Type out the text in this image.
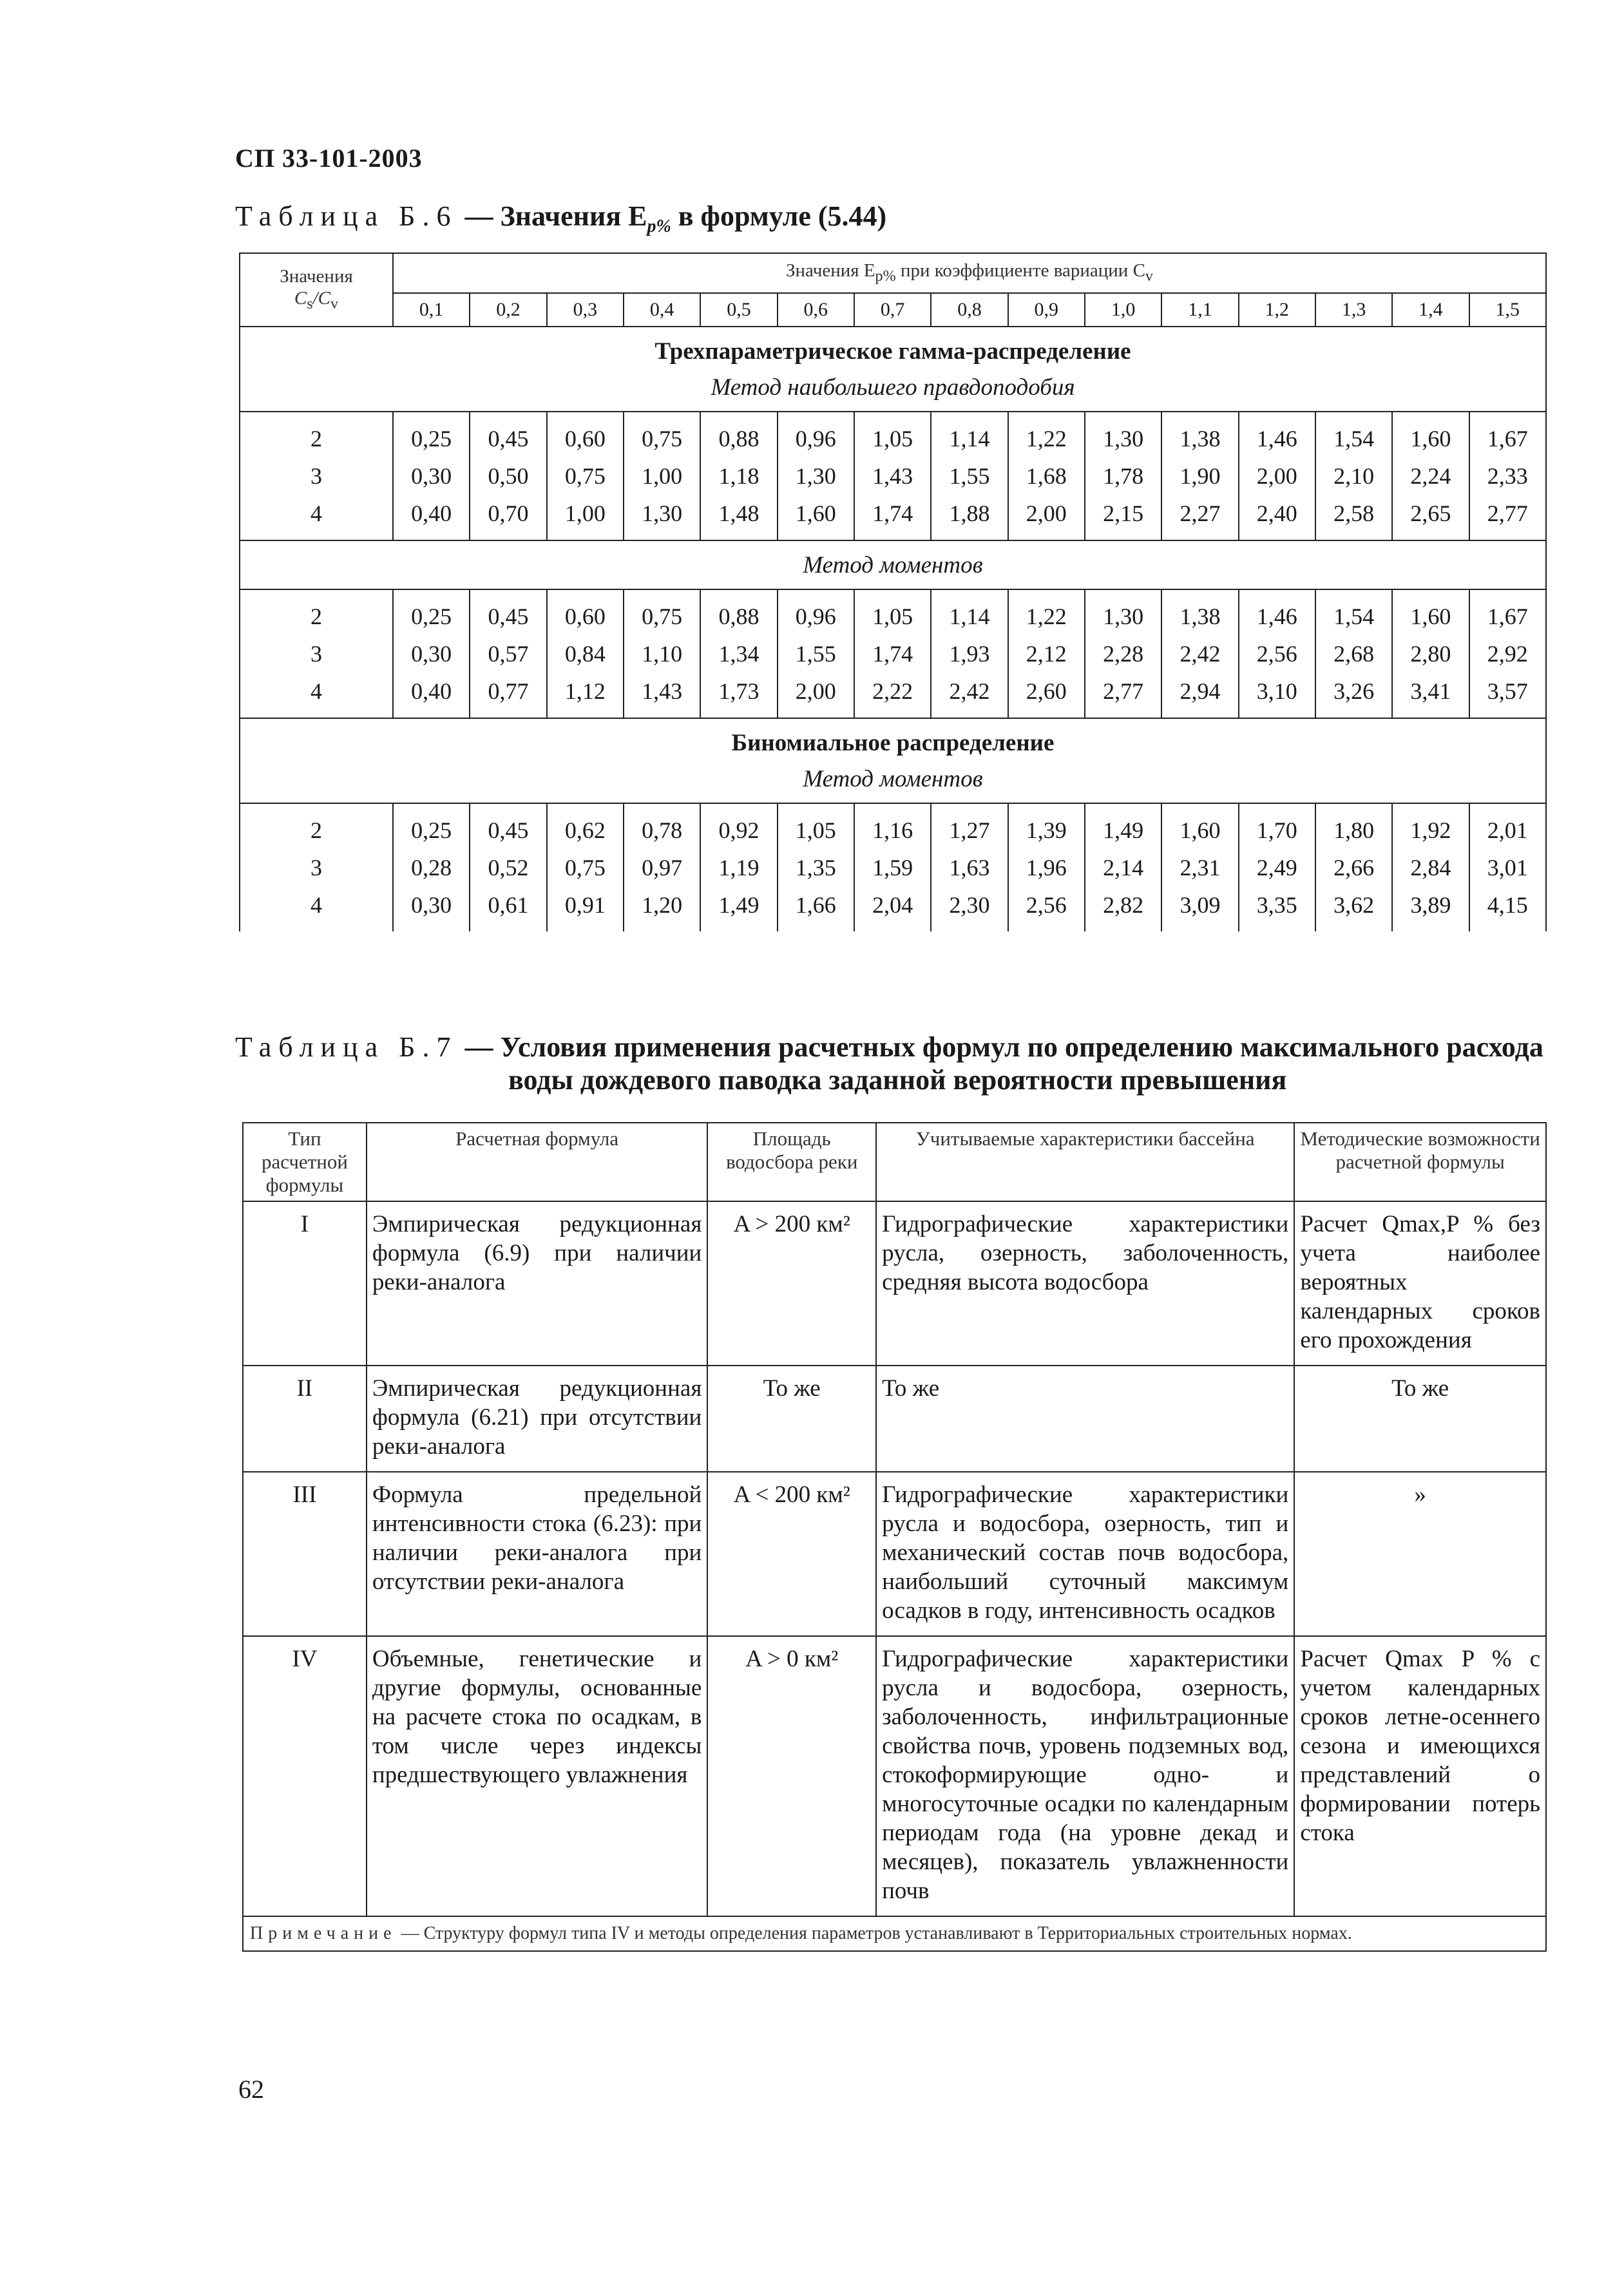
СП 33-101-2003
Таблица Б.6 — Значения $E_{p\%}$ в формуле (5.44)
Значения
$C_s/C_v$	Значения $E_{p\%}$ при коэффициенте вариации $C_v$
	0,1	0,2	0,3	0,4	0,5	0,6	0,7	0,8	0,9	1,0	1,1	1,2	1,3	1,4	1,5

Трехпараметрическое гамма-распределение
Метод наибольшего правдоподобия															

2	0,25	0,45	0,60	0,75	0,88	0,96	1,05	1,14	1,22	1,30	1,38	1,46	1,54	1,60	1,67
3	0,30	0,50	0,75	1,00	1,18	1,30	1,43	1,55	1,68	1,78	1,90	2,00	2,10	2,24	2,33
4	0,40	0,70	1,00	1,30	1,48	1,60	1,74	1,88	2,00	2,15	2,27	2,40	2,58	2,65	2,77

Метод моментов															

2	0,25	0,45	0,60	0,75	0,88	0,96	1,05	1,14	1,22	1,30	1,38	1,46	1,54	1,60	1,67
3	0,30	0,57	0,84	1,10	1,34	1,55	1,74	1,93	2,12	2,28	2,42	2,56	2,68	2,80	2,92
4	0,40	0,77	1,12	1,43	1,73	2,00	2,22	2,42	2,60	2,77	2,94	3,10	3,26	3,41	3,57

Биномиальное распределение
Метод моментов															

2	0,25	0,45	0,62	0,78	0,92	1,05	1,16	1,27	1,39	1,49	1,60	1,70	1,80	1,92	2,01
3	0,28	0,52	0,75	0,97	1,19	1,35	1,59	1,63	1,96	2,14	2,31	2,49	2,66	2,84	3,01
4	0,30	0,61	0,91	1,20	1,49	1,66	2,04	2,30	2,56	2,82	3,09	3,35	3,62	3,89	4,15
Таблица Б.7 — Условия применения расчетных формул по определению максимального расхода
воды дождевого паводка заданной вероятности превышения
Тип расчетной формулы	Расчетная формула	Площадь водосбора реки	Учитываемые характеристики бассейна	Методические возможности расчетной формулы
I	Эмпирическая редукционная формула (6.9) при наличии реки-аналога	A > 200 км²	Гидрографические характеристики русла, озерность, заболоченность, средняя высота водосбора	Расчет Qmax,P % без учета наиболее вероятных календарных сроков его прохождения
II	Эмпирическая редукционная формула (6.21) при отсутствии реки-аналога	То же	То же	То же
III	Формула предельной интенсивности стока (6.23): при наличии реки-аналога при отсутствии реки-аналога	A < 200 км²	Гидрографические характеристики русла и водосбора, озерность, тип и механический состав почв водосбора, наибольший суточный максимум осадков в году, интенсивность осадков	»
IV	Объемные, генетические и другие формулы, основанные на расчете стока по осадкам, в том числе через индексы предшествующего увлажнения	A > 0 км²	Гидрографические характеристики русла и водосбора, озерность, заболоченность, инфильтрационные свойства почв, уровень подземных вод, стокоформирующие одно- и многосуточные осадки по календарным периодам года (на уровне декад и месяцев), показатель увлажненности почв	Расчет Qmax P % с учетом календарных сроков летне-осеннего сезона и имеющихся представлений о формировании потерь стока
Примечание — Структуру формул типа IV и методы определения параметров устанавливают в Территориальных строительных нормах.				
62
